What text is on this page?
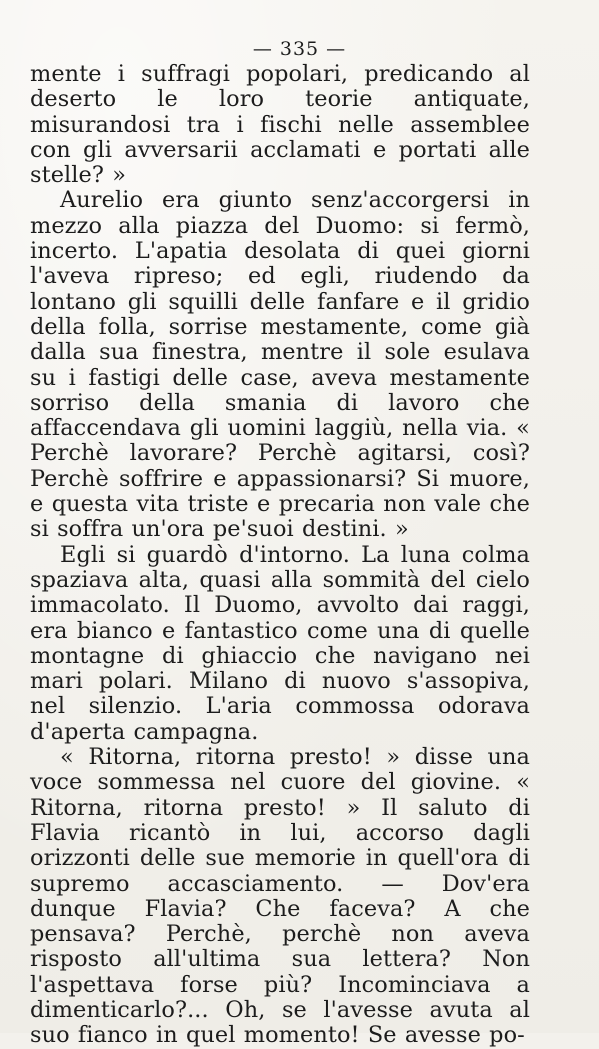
— 335 —

mente i suffragi popolari, predicando al deserto le loro teorie antiquate, misurandosi tra i fischi nelle assemblee con gli avversarii acclamati e portati alle stelle? »

Aurelio era giunto senz'accorgersi in mezzo alla piazza del Duomo: si fermò, incerto. L'apatia desolata di quei giorni l'aveva ripreso; ed egli, riudendo da lontano gli squilli delle fanfare e il gridio della folla, sorrise mestamente, come già dalla sua finestra, mentre il sole esulava su i fastigi delle case, aveva mestamente sorriso della smania di lavoro che affaccendava gli uomini laggiù, nella via. « Perchè lavorare? Perchè agitarsi, così? Perchè soffrire e appassionarsi? Si muore, e questa vita triste e precaria non vale che si soffra un'ora pe'suoi destini. »

Egli si guardò d'intorno. La luna colma spaziava alta, quasi alla sommità del cielo immacolato. Il Duomo, avvolto dai raggi, era bianco e fantastico come una di quelle montagne di ghiaccio che navigano nei mari polari. Milano di nuovo s'assopiva, nel silenzio. L'aria commossa odorava d'aperta campagna.

« Ritorna, ritorna presto! » disse una voce sommessa nel cuore del giovine. « Ritorna, ritorna presto! » Il saluto di Flavia ricantò in lui, accorso dagli orizzonti delle sue memorie in quell'ora di supremo accasciamento. — Dov'era dunque Flavia? Che faceva? A che pensava? Perchè, perchè non aveva risposto all'ultima sua lettera? Non l'aspettava forse più? Incominciava a dimenticarlo?... Oh, se l'avesse avuta al suo fianco in quel momento! Se avesse po-
